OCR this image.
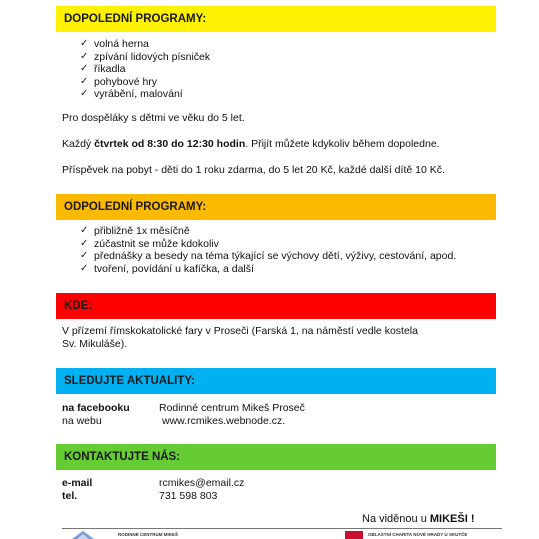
DOPOLEDNÍ PROGRAMY:
✓ volná herna
✓ zpívání lidových písniček
✓ říkadla
✓ pohybové hry
✓ vyrábění, malování
Pro dospěláky s dětmi ve věku do 5 let.
Každý čtvrtek od 8:30 do 12:30 hodin. Přijít můžete kdykoliv během dopoledne.
Příspěvek na pobyt - děti do 1 roku zdarma, do 5 let 20 Kč, každé další dítě 10 Kč.
ODPOLEDNÍ PROGRAMY:
✓ přibližně 1x měsíčně
✓ zúčastnit se může kdokoliv
✓ přednášky a besedy na téma týkající se výchovy dětí, výživy, cestování, apod.
✓ tvoření, povídání u kafíčka, a další
KDE:
V přízemí římskokatolické fary v Proseči (Farská 1, na náměstí vedle kostela
Sv. Mikuláše).
SLEDUJTE AKTUALITY:
na facebooku	Rodinné centrum Mikeš Proseč
na webu	www.rcmikes.webnode.cz.
KONTAKTUJTE NÁS:
e-mail	rcmikes@email.cz
tel.	731 598 803
Na viděnou u MIKEŠI !
RODINNÉ CENTRUM MIKEŠ	OBLASTNÍ CHARITA NOVÉ HRADY U SKUTČE
